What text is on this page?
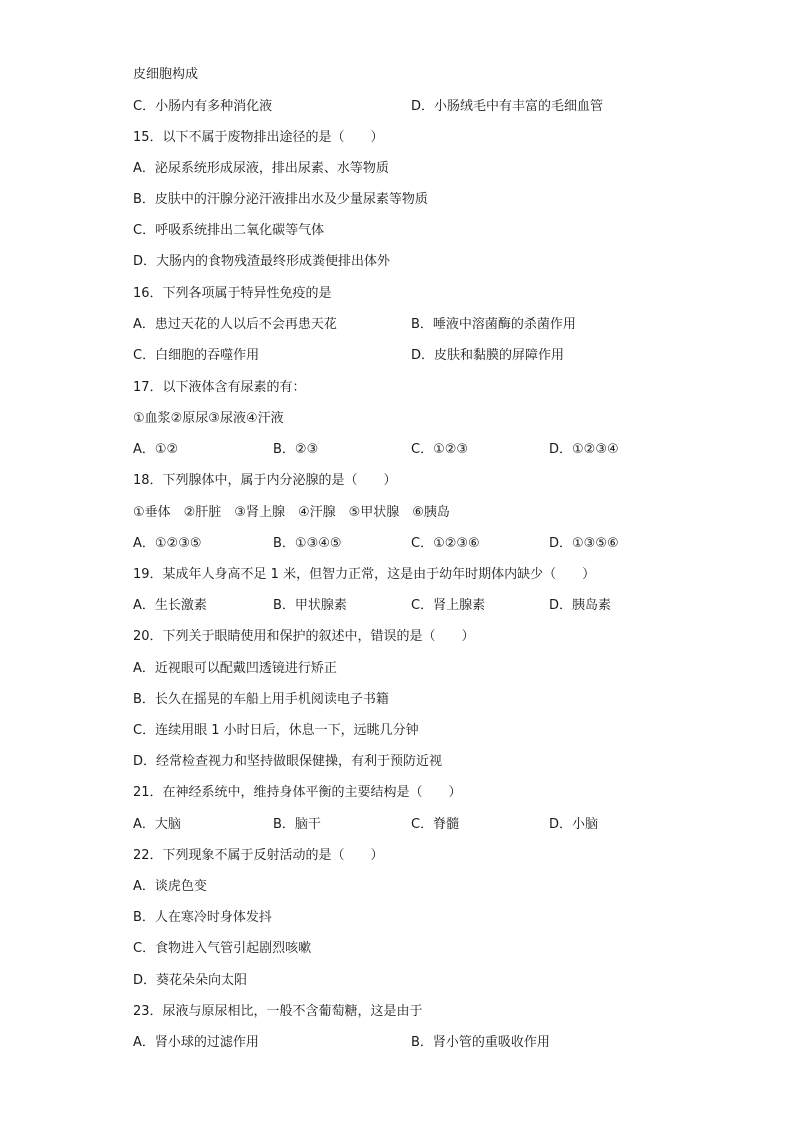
皮细胞构成
C．小肠内有多种消化液	D．小肠绒毛中有丰富的毛细血管
15．以下不属于废物排出途径的是（　　）
A．泌尿系统形成尿液，排出尿素、水等物质
B．皮肤中的汗腺分泌汗液排出水及少量尿素等物质
C．呼吸系统排出二氧化碳等气体
D．大肠内的食物残渣最终形成粪便排出体外
16．下列各项属于特异性免疫的是
A．患过天花的人以后不会再患天花	B．唾液中溶菌酶的杀菌作用
C．白细胞的吞噬作用	D．皮肤和黏膜的屏障作用
17．以下液体含有尿素的有：
①血浆②原尿③尿液④汗液
A．①②	B．②③	C．①②③	D．①②③④
18．下列腺体中，属于内分泌腺的是（　　）
①垂体　②肝脏　③肾上腺　④汗腺　⑤甲状腺　⑥胰岛
A．①②③⑤	B．①③④⑤	C．①②③⑥	D．①③⑤⑥
19．某成年人身高不足 1 米，但智力正常，这是由于幼年时期体内缺少（　　）
A．生长激素	B．甲状腺素	C．肾上腺素	D．胰岛素
20．下列关于眼睛使用和保护的叙述中，错误的是（　　）
A．近视眼可以配戴凹透镜进行矫正
B．长久在摇晃的车船上用手机阅读电子书籍
C．连续用眼 1 小时日后，休息一下，远眺几分钟
D．经常检查视力和坚持做眼保健操，有利于预防近视
21．在神经系统中，维持身体平衡的主要结构是（　　）
A．大脑	B．脑干	C．脊髓	D．小脑
22．下列现象不属于反射活动的是（　　）
A．谈虎色变
B．人在寒冷时身体发抖
C．食物进入气管引起剧烈咳嗽
D．葵花朵朵向太阳
23．尿液与原尿相比，一般不含葡萄糖，这是由于
A．肾小球的过滤作用	B．肾小管的重吸收作用
